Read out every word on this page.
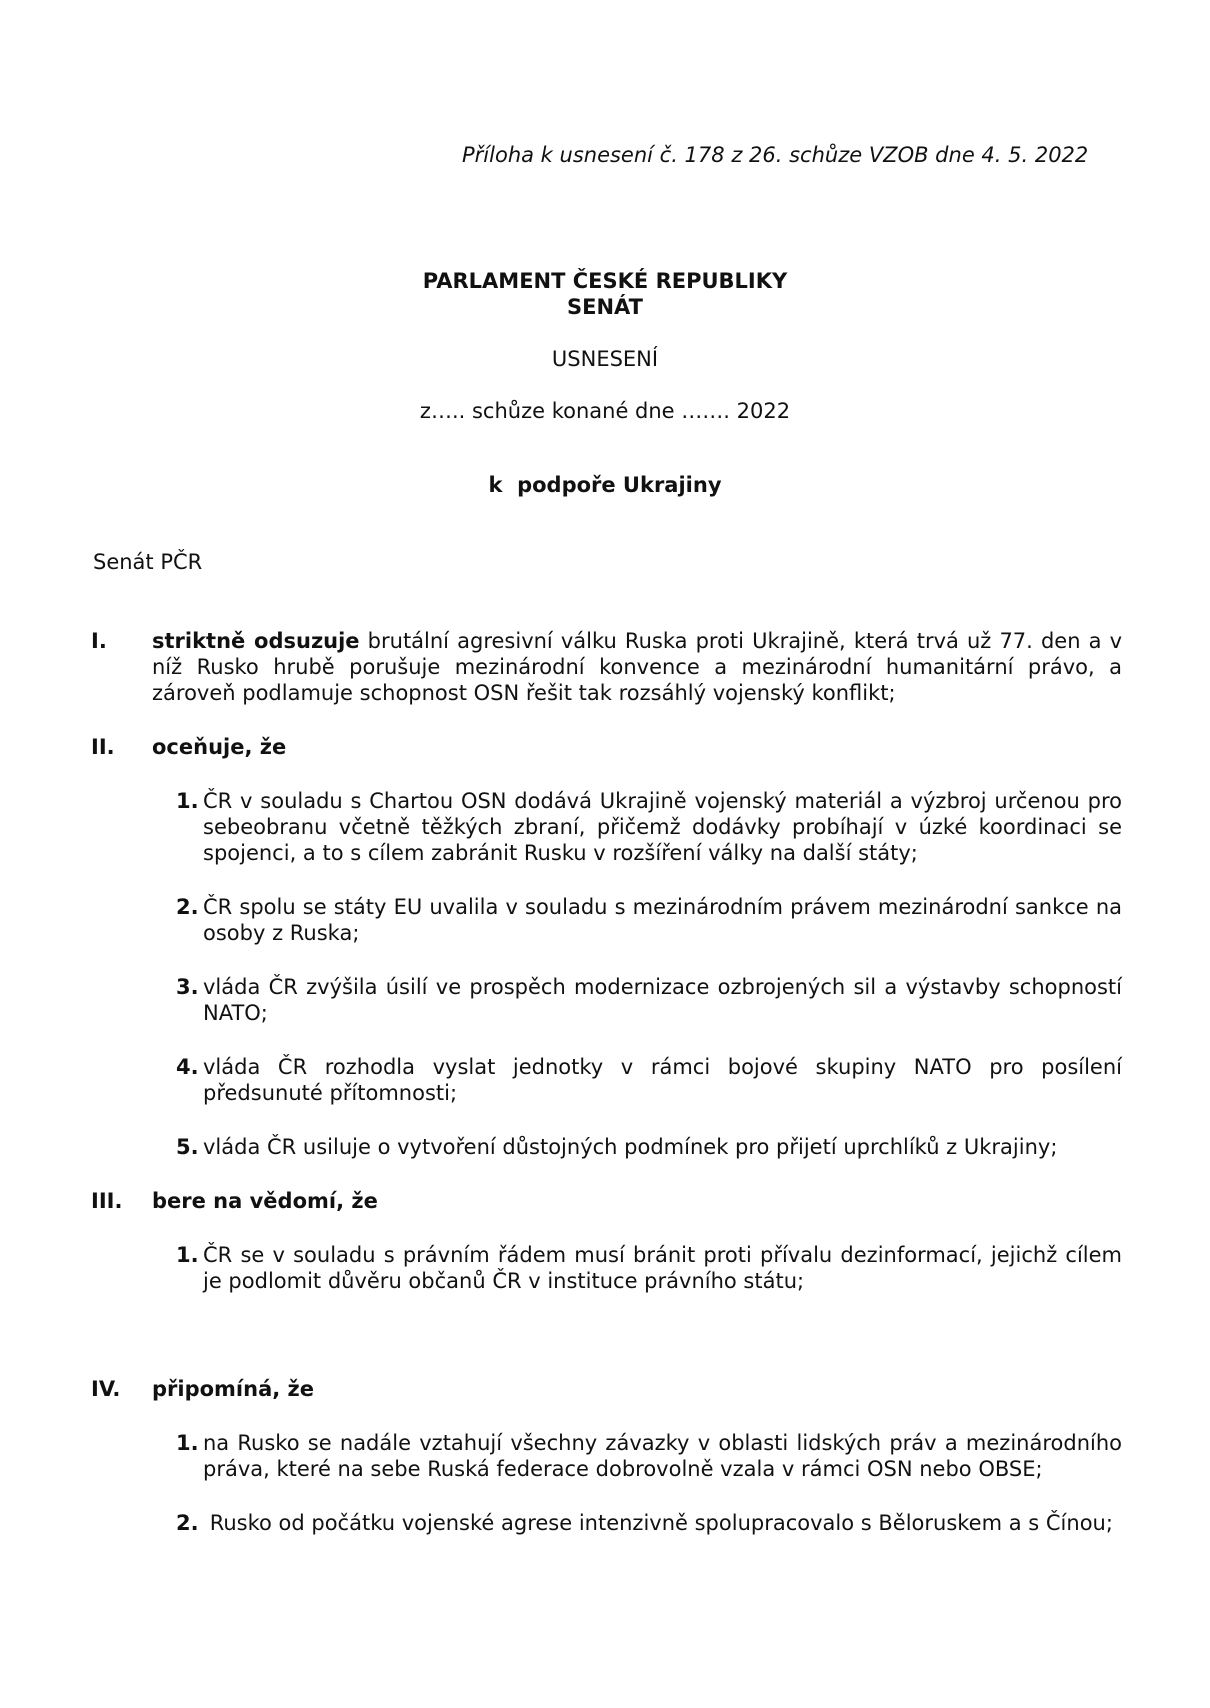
Příloha k usnesení č. 178 z 26. schůze VZOB dne 4. 5. 2022
PARLAMENT ČESKÉ REPUBLIKY
SENÁT
USNESENÍ
z….. schůze konané dne ……. 2022
k  podpoře Ukrajiny
Senát PČR
I.	striktně odsuzuje brutální agresivní válku Ruska proti Ukrajině, která trvá už 77. den a v níž Rusko hrubě porušuje mezinárodní konvence a mezinárodní humanitární právo, a zároveň podlamuje schopnost OSN řešit tak rozsáhlý vojenský konflikt;
II.	oceňuje, že
1. ČR v souladu s Chartou OSN dodává Ukrajině vojenský materiál a výzbroj určenou pro sebeobranu včetně těžkých zbraní, přičemž dodávky probíhají v úzké koordinaci se spojenci, a to s cílem zabránit Rusku v rozšíření války na další státy;
2. ČR spolu se státy EU uvalila v souladu s mezinárodním právem mezinárodní sankce na osoby z Ruska;
3. vláda ČR zvýšila úsilí ve prospěch modernizace ozbrojených sil a výstavby schopností NATO;
4. vláda ČR rozhodla vyslat jednotky v rámci bojové skupiny NATO pro posílení předsunuté přítomnosti;
5. vláda ČR usiluje o vytvoření důstojných podmínek pro přijetí uprchlíků z Ukrajiny;
III.	bere na vědomí, že
1. ČR se v souladu s právním řádem musí bránit proti přívalu dezinformací, jejichž cílem je podlomit důvěru občanů ČR v instituce právního státu;
IV.	připomíná, že
1. na Rusko se nadále vztahují všechny závazky v oblasti lidských práv a mezinárodního práva, které na sebe Ruská federace dobrovolně vzala v rámci OSN nebo OBSE;
2. Rusko od počátku vojenské agrese intenzivně spolupracovalo s Běloruskem a s Čínou;
